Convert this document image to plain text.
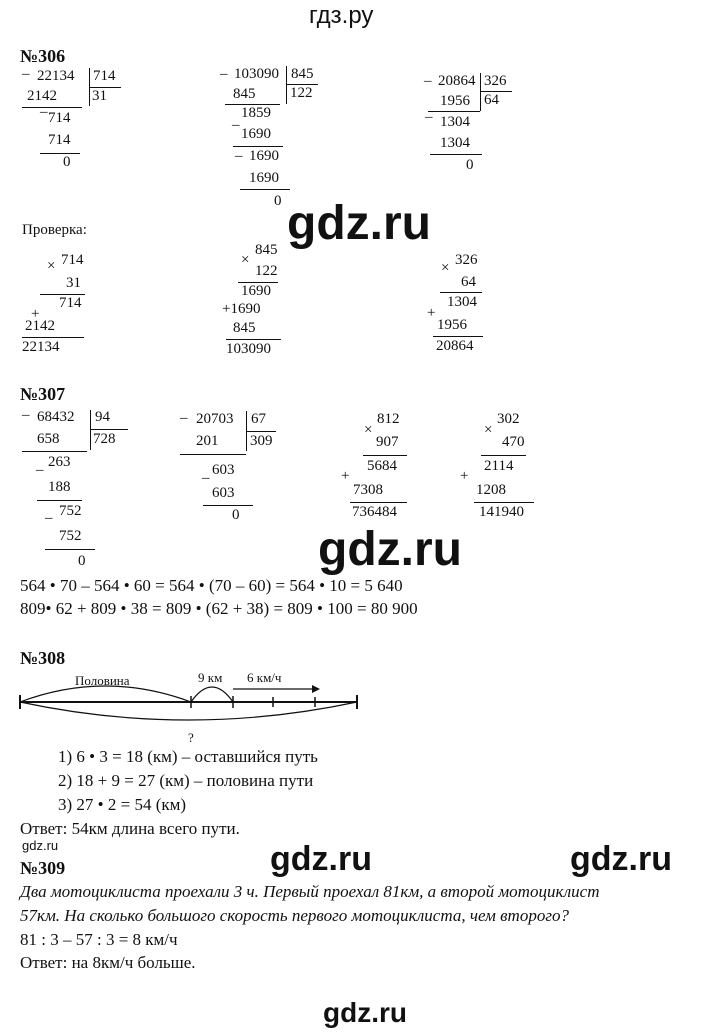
гдз.ру
№306
– 22134 714
31
2142
– 714
714
0
– 103090 845
122
845
1859
–
1690
– 1690
1690
0
– 20864 326
64
1956
– 1304
1304
0
gdz.ru
Проверка:
× 714
31
714
+
2142
22134
×
845
122
1690
+1690
845
103090
× 326
64
1304
+
1956
20864
№307
– 68432 94
728
658
– 263
188
– 752
752
0
– 20703 67
309
201
– 603
603
0
×
812
907
5684
+
7308
736484
×
302
470
2114
+
1208
141940
gdz.ru
564 • 70 – 564 • 60 = 564 • (70 – 60) = 564 • 10 = 5 640
809• 62 + 809 • 38 = 809 • (62 + 38) = 809 • 100 = 80 900
№308
Половина	9 км 6 км/ч
?
1) 6 • 3 = 18 (км) – оставшийся путь
2) 18 + 9 = 27 (км) – половина пути
3) 27 • 2 = 54 (км)
Ответ: 54км длина всего пути.
gdz.ru	gdz.ru	gdz.ru
№309
Два мотоциклиста проехали 3 ч. Первый проехал 81км, а второй мотоциклист
57км. На сколько большого скорость первого мотоциклиста, чем второго?
81 : 3 – 57 : 3 = 8 км/ч
Ответ: на 8км/ч больше.
gdz.ru
